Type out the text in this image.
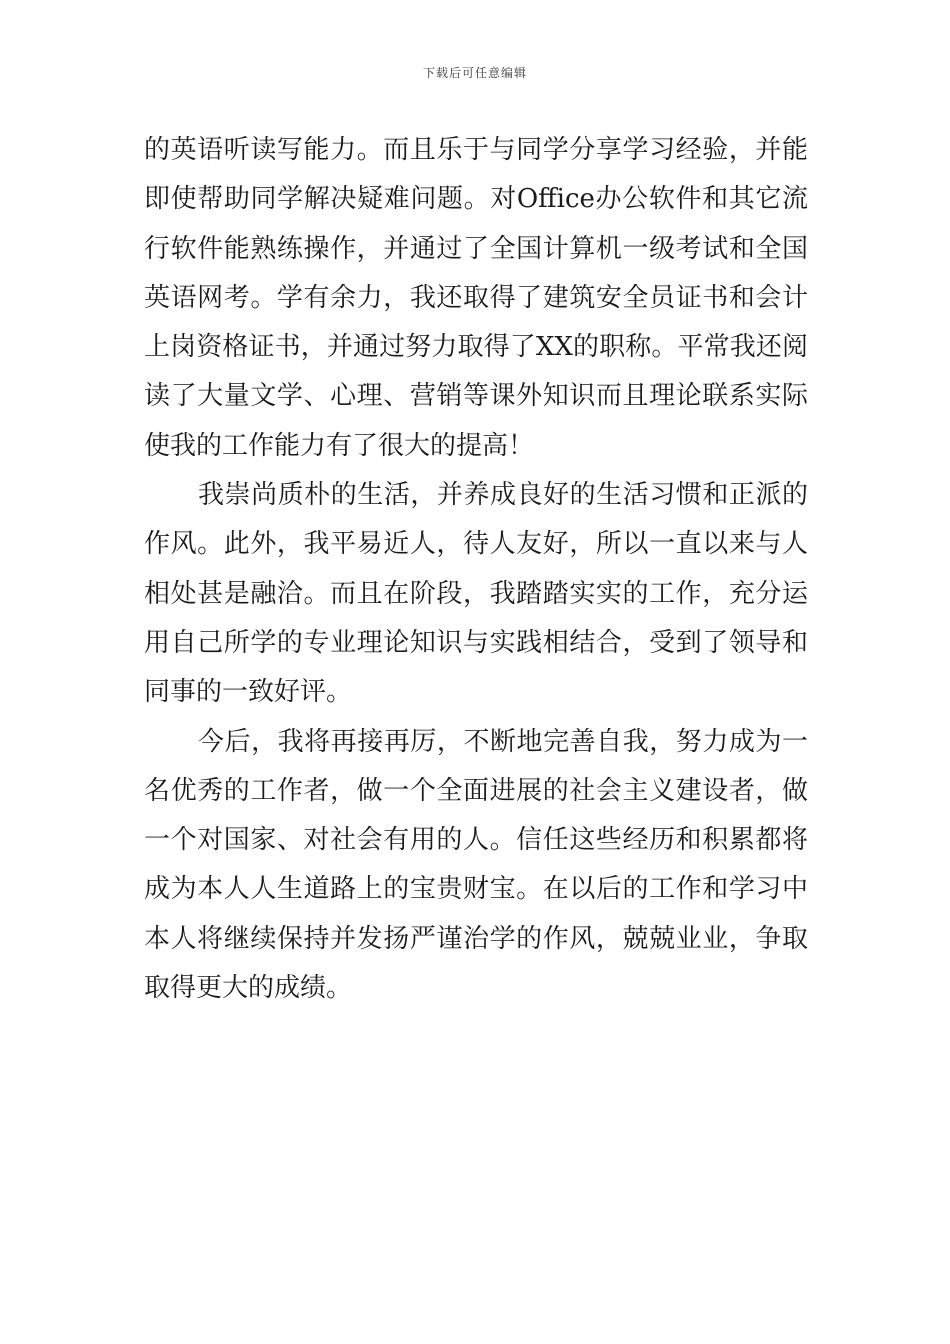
下载后可任意编辑

的英语听读写能力。而且乐于与同学分享学习经验，并能即使帮助同学解决疑难问题。对Office办公软件和其它流行软件能熟练操作，并通过了全国计算机一级考试和全国英语网考。学有余力，我还取得了建筑安全员证书和会计上岗资格证书，并通过努力取得了XX的职称。平常我还阅读了大量文学、心理、营销等课外知识而且理论联系实际使我的工作能力有了很大的提高！

我崇尚质朴的生活，并养成良好的生活习惯和正派的作风。此外，我平易近人，待人友好，所以一直以来与人相处甚是融洽。而且在阶段，我踏踏实实的工作，充分运用自己所学的专业理论知识与实践相结合，受到了领导和同事的一致好评。

今后，我将再接再厉，不断地完善自我，努力成为一名优秀的工作者，做一个全面进展的社会主义建设者，做一个对国家、对社会有用的人。信任这些经历和积累都将成为本人人生道路上的宝贵财宝。在以后的工作和学习中本人将继续保持并发扬严谨治学的作风，兢兢业业，争取取得更大的成绩。
